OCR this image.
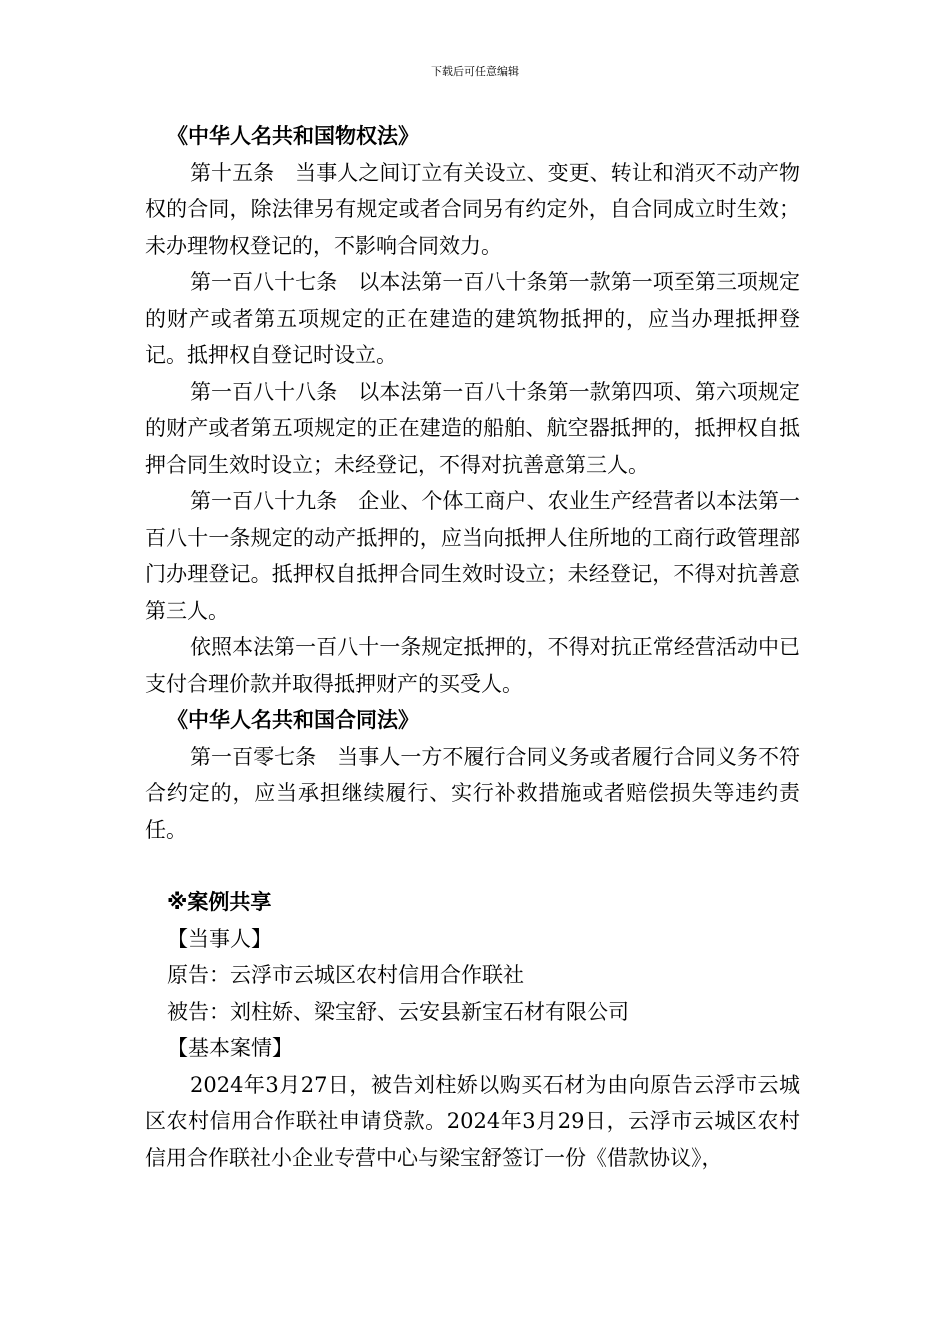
下载后可任意编辑

《中华人名共和国物权法》

第十五条　当事人之间订立有关设立、变更、转让和消灭不动产物权的合同，除法律另有规定或者合同另有约定外，自合同成立时生效；未办理物权登记的，不影响合同效力。

第一百八十七条　以本法第一百八十条第一款第一项至第三项规定的财产或者第五项规定的正在建造的建筑物抵押的，应当办理抵押登记。抵押权自登记时设立。

第一百八十八条　以本法第一百八十条第一款第四项、第六项规定的财产或者第五项规定的正在建造的船舶、航空器抵押的，抵押权自抵押合同生效时设立；未经登记，不得对抗善意第三人。

第一百八十九条　企业、个体工商户、农业生产经营者以本法第一百八十一条规定的动产抵押的，应当向抵押人住所地的工商行政管理部门办理登记。抵押权自抵押合同生效时设立；未经登记，不得对抗善意第三人。

依照本法第一百八十一条规定抵押的，不得对抗正常经营活动中已支付合理价款并取得抵押财产的买受人。

《中华人名共和国合同法》

第一百零七条　当事人一方不履行合同义务或者履行合同义务不符合约定的，应当承担继续履行、实行补救措施或者赔偿损失等违约责任。

※案例共享

【当事人】

原告：云浮市云城区农村信用合作联社

被告：刘柱娇、梁宝舒、云安县新宝石材有限公司

【基本案情】

2024年3月27日，被告刘柱娇以购买石材为由向原告云浮市云城区农村信用合作联社申请贷款。2024年3月29日，云浮市云城区农村信用合作联社小企业专营中心与梁宝舒签订一份《借款协议》，
